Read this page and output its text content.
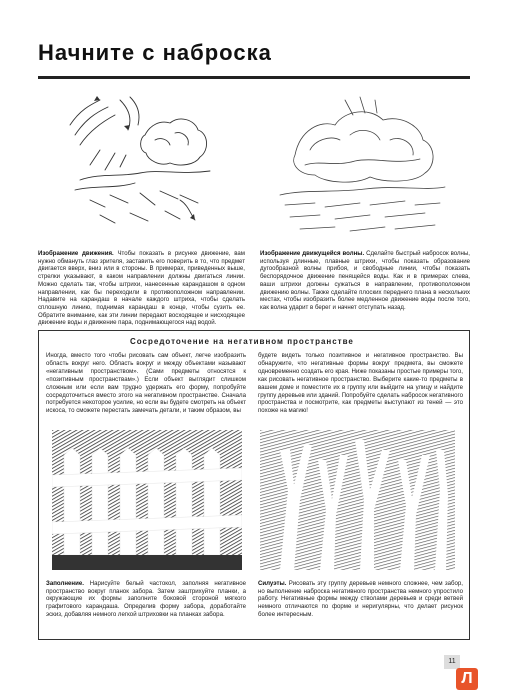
Начните с наброска
Изображение движения. Чтобы показать в рисунке движение, вам нужно обмануть глаз зрителя, заставить его поверить в то, что предмет двигается вверх, вниз или в стороны. В примерах, приведенных выше, стрелки указывают, в каком направлении должны двигаться линии. Можно сделать так, чтобы штрихи, нанесенные карандашом в одном направлении, как бы переходили в противоположном направлении. Надавите на карандаш в начале каждого штриха, чтобы сделать сплошную линию, поднимая карандаш в конце, чтобы сузить ее. Обратите внимание, как эти линии передают восходящее и нисходящее движение воды и движение пара, поднимающегося над водой.
Изображение движущейся волны. Сделайте быстрый набросок волны, используя длинные, плавные штрихи, чтобы показать образование дугообразной волны прибоя, и свободные линии, чтобы показать беспорядочное движение пенящейся воды. Как и в примерах слева, ваши штрихи должны сужаться в направлении, противоположном движению волны. Также сделайте плоских переднего плана в нескольких местах, чтобы изобразить более медленное движение воды после того, как волна ударит в берег и начнет отступать назад.
Сосредоточение на негативном пространстве
Иногда, вместо того чтобы рисовать сам объект, легче изобразить область вокруг него. Область вокруг и между объектами называют «негативным пространством». (Сами предметы относятся к «позитивным пространствам».) Если объект выглядит слишком сложным или если вам трудно удержать его форму, попробуйте сосредоточиться вместо этого на негативном пространстве. Сначала потребуется некоторое усилие, но если вы будете смотреть на объект искоса, то сможете перестать замечать детали, и таким образом, вы
будете видеть только позитивное и негативное пространство. Вы обнаружите, что негативные формы вокруг предмета, вы сможете одновременно создать его края. Ниже показаны простые примеры того, как рисовать негативное пространство. Выберите какие-то предметы в вашем доме и поместите их в группу или выйдите на улицу и найдите группу деревьев или зданий. Попробуйте сделать набросок негативного пространства и посмотрите, как предметы выступают из теней — это похоже на магию!
Заполнение. Нарисуйте белый частокол, заполняя негативное пространство вокруг планок забора. Затем заштрихуйте планки, а окружающие их формы заполните боковой стороной мягкого графитового карандаша. Определив форму забора, доработайте эскиз, добавляя немного легкой штриховки на планках забора.
Силуэты. Рисовать эту группу деревьев немного сложнее, чем забор, но выполнение наброска негативного пространства немного упростило работу. Негативные формы между стволами деревьев и среди ветвей немного отличаются по форме и неригулярны, что делает рисунок более интересным.
11
Л
